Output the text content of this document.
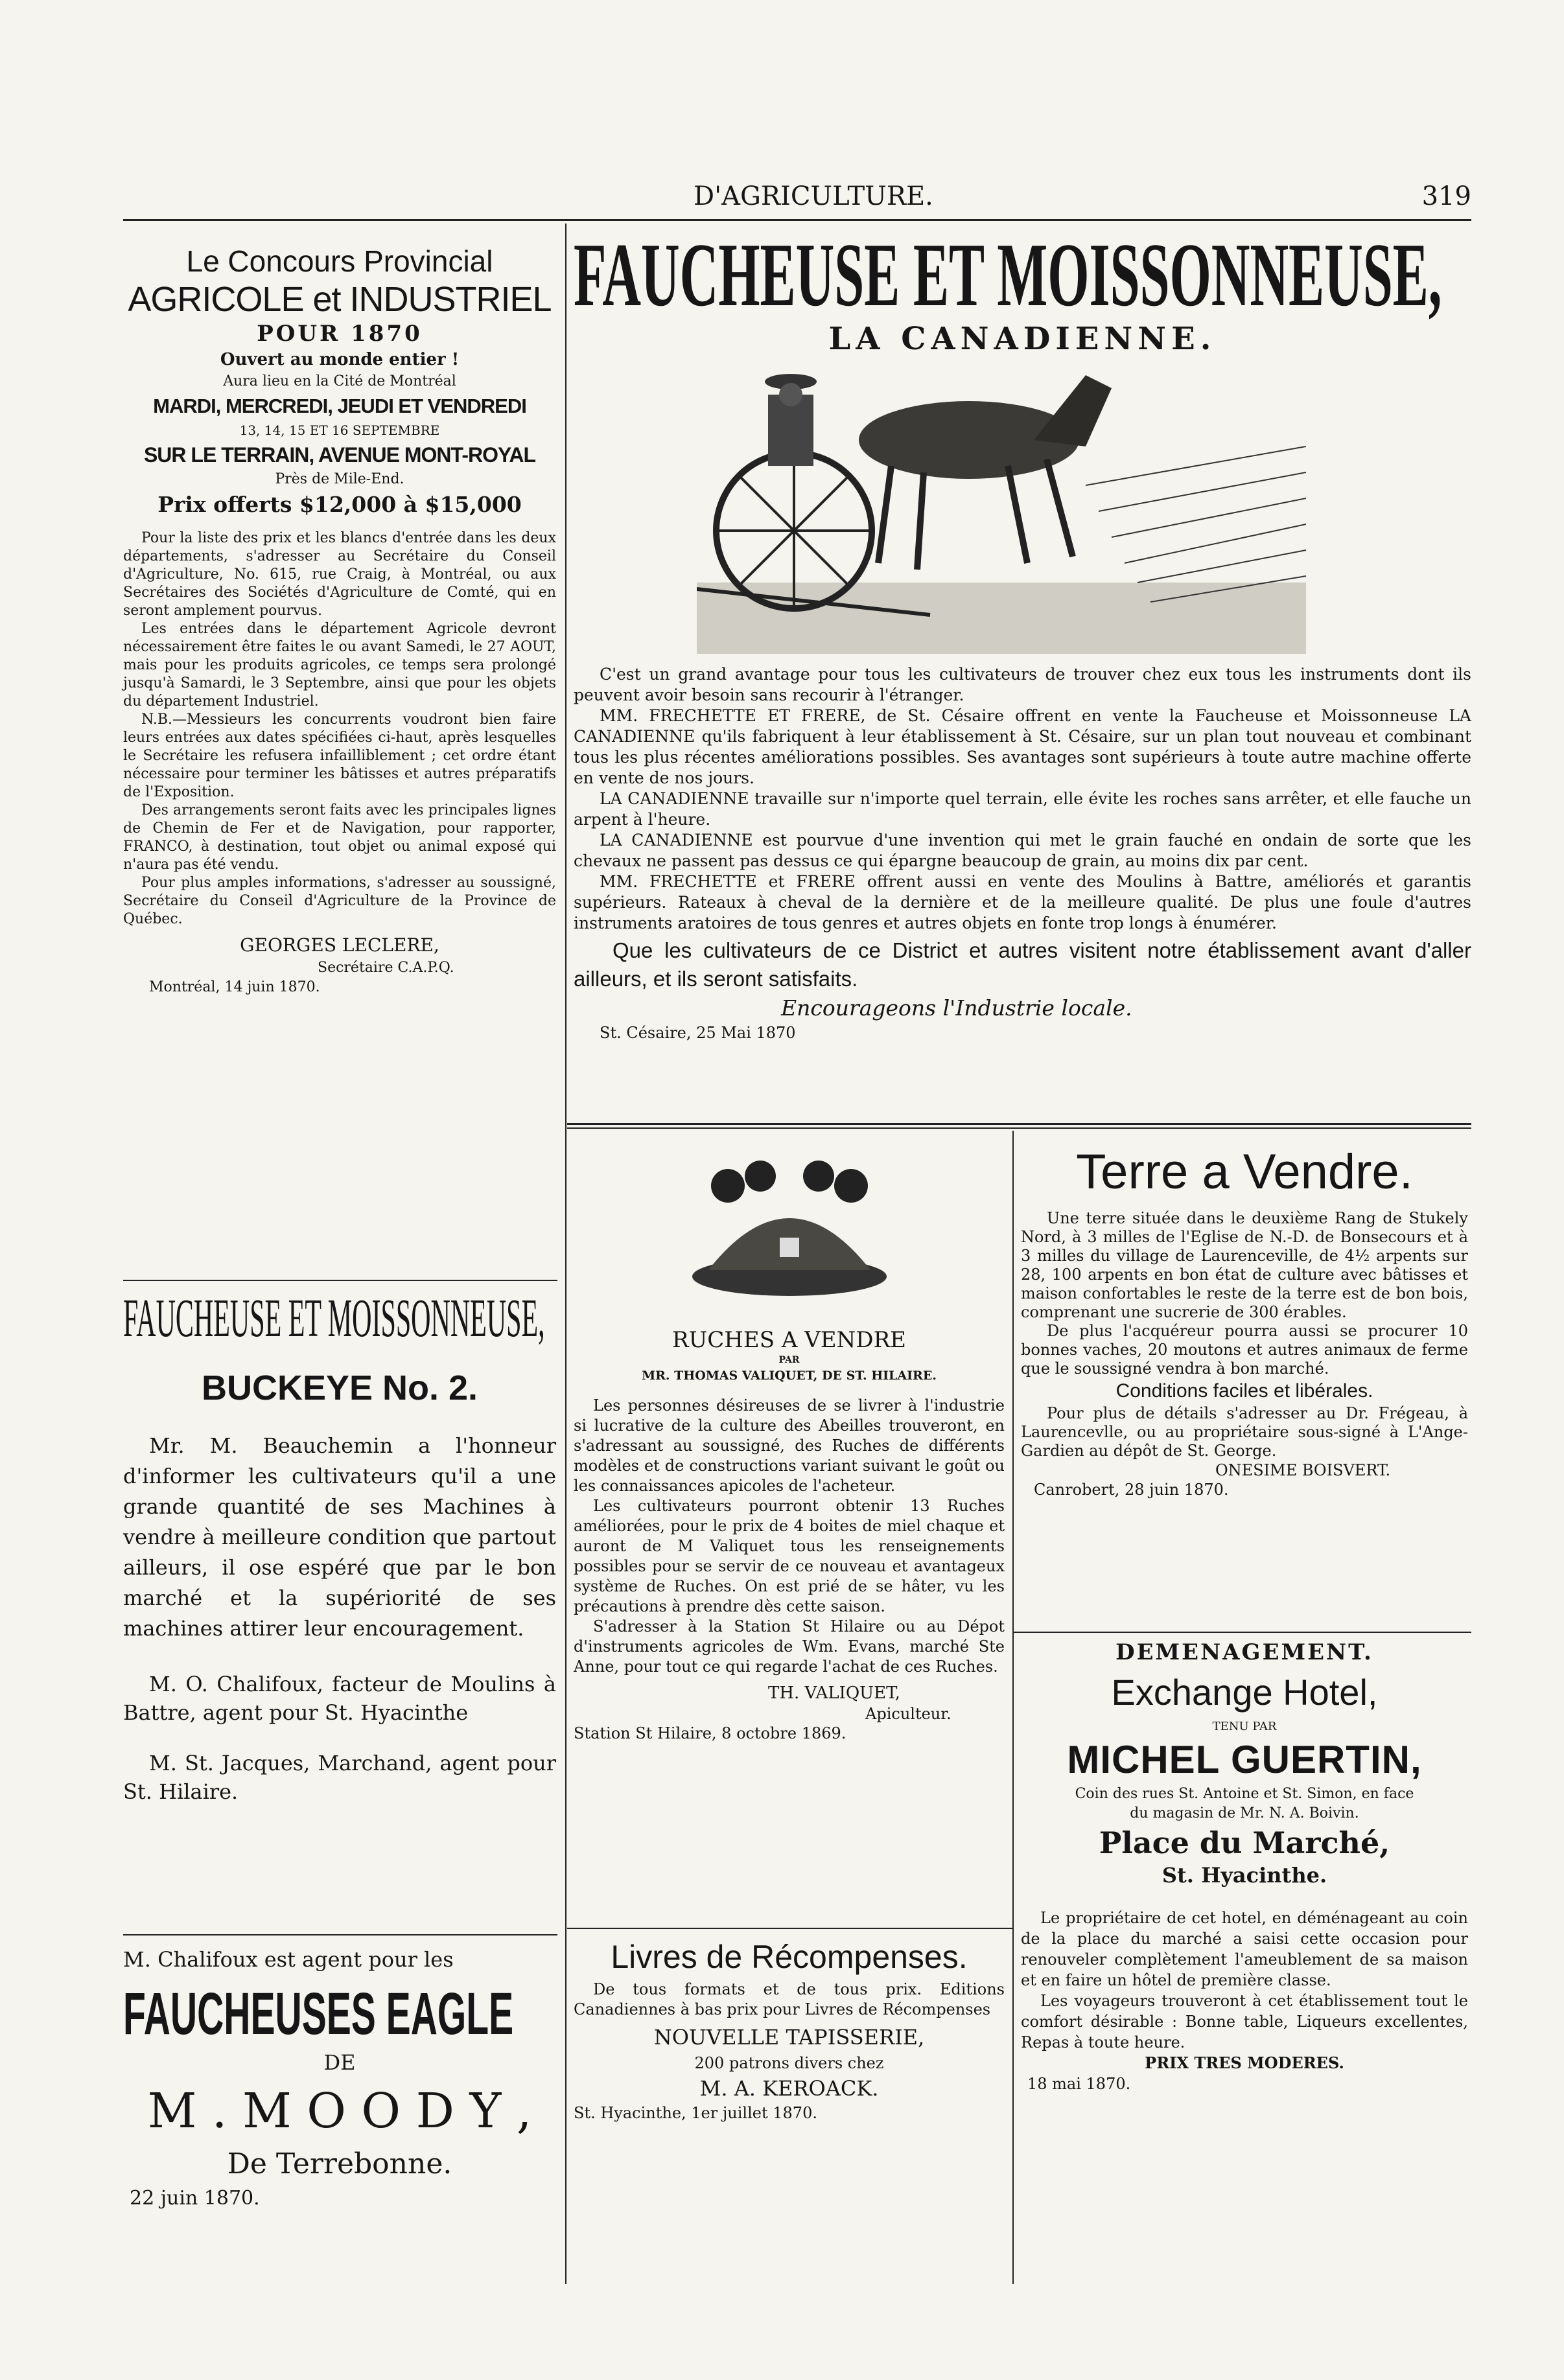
D'AGRICULTURE.	319
Le Concours Provincial
AGRICOLE et INDUSTRIEL
POUR 1870
Ouvert au monde entier !
Aura lieu en la Cité de Montréal
MARDI, MERCREDI, JEUDI ET VENDREDI
13, 14, 15 ET 16 SEPTEMBRE
SUR LE TERRAIN, AVENUE MONT-ROYAL
Près de Mile-End.
Prix offerts $12,000 à $15,000

Pour la liste des prix et les blancs d'entrée dans les deux départements, s'adresser au Secrétaire du Conseil d'Agriculture, No. 615, rue Craig, à Montréal, ou aux Secrétaires des Sociétés d'Agriculture de Comté, qui en seront amplement pourvus.

Les entrées dans le département Agricole devront nécessairement être faites le ou avant Samedi, le 27 AOUT, mais pour les produits agricoles, ce temps sera prolongé jusqu'à Samardi, le 3 Septembre, ainsi que pour les objets du département Industriel.

N.B.—Messieurs les concurrents voudront bien faire leurs entrées aux dates spécifiées ci-haut, après lesquelles le Secrétaire les refusera infailliblement ; cet ordre étant nécessaire pour terminer les bâtisses et autres préparatifs de l'Exposition.

Des arrangements seront faits avec les principales lignes de Chemin de Fer et de Navigation, pour rapporter, FRANCO, à destination, tout objet ou animal exposé qui n'aura pas été vendu.

Pour plus amples informations, s'adresser au soussigné, Secrétaire du Conseil d'Agriculture de la Province de Québec.

GEORGES LECLERE,
Secrétaire C.A.P.Q.
Montréal, 14 juin 1870.
FAUCHEUSE ET MOISSONNEUSE,
BUCKEYE No. 2.

Mr. M. Beauchemin a l'honneur d'informer les cultivateurs qu'il a une grande quantité de ses Machines à vendre à meilleure condition que partout ailleurs, il ose espéré que par le bon marché et la supériorité de ses machines attirer leur encouragement.

M. O. Chalifoux, facteur de Moulins à Battre, agent pour St. Hyacinthe

M. St. Jacques, Marchand, agent pour St. Hilaire.

M. Chalifoux est agent pour les
FAUCHEUSES EAGLE
DE
M . M O O D Y ,
De Terrebonne.
22 juin 1870.
FAUCHEUSE ET MOISSONNEUSE,
LA CANADIENNE.

C'est un grand avantage pour tous les cultivateurs de trouver chez eux tous les instruments dont ils peuvent avoir besoin sans recourir à l'étranger.

MM. FRECHETTE ET FRERE, de St. Césaire offrent en vente la Faucheuse et Moissonneuse LA CANADIENNE qu'ils fabriquent à leur établissement à St. Césaire, sur un plan tout nouveau et combinant tous les plus récentes améliorations possibles. Ses avantages sont supérieurs à toute autre machine offerte en vente de nos jours.

LA CANADIENNE travaille sur n'importe quel terrain, elle évite les roches sans arrêter, et elle fauche un arpent à l'heure.

LA CANADIENNE est pourvue d'une invention qui met le grain fauché en ondain de sorte que les chevaux ne passent pas dessus ce qui épargne beaucoup de grain, au moins dix par cent.

MM. FRECHETTE et FRERE offrent aussi en vente des Moulins à Battre, améliorés et garantis supérieurs. Rateaux à cheval de la dernière et de la meilleure qualité. De plus une foule d'autres instruments aratoires de tous genres et autres objets en fonte trop longs à énumérer.

Que les cultivateurs de ce District et autres visitent notre établissement avant d'aller ailleurs, et ils seront satisfaits.

Encourageons l'Industrie locale.
St. Césaire, 25 Mai 1870
RUCHES A VENDRE
PAR
MR. THOMAS VALIQUET, DE ST. HILAIRE.

Les personnes désireuses de se livrer à l'industrie si lucrative de la culture des Abeilles trouveront, en s'adressant au soussigné, des Ruches de différents modèles et de constructions variant suivant le goût ou les connaissances apicoles de l'acheteur.

Les cultivateurs pourront obtenir 13 Ruches améliorées, pour le prix de 4 boites de miel chaque et auront de M Valiquet tous les renseignements possibles pour se servir de ce nouveau et avantageux système de Ruches. On est prié de se hâter, vu les précautions à prendre dès cette saison.

S'adresser à la Station St Hilaire ou au Dépot d'instruments agricoles de Wm. Evans, marché Ste Anne, pour tout ce qui regarde l'achat de ces Ruches.

TH. VALIQUET,
Apiculteur.
Station St Hilaire, 8 octobre 1869.
Livres de Récompenses.

De tous formats et de tous prix. Editions Canadiennes à bas prix pour Livres de Récompenses

NOUVELLE TAPISSERIE,
200 patrons divers chez
M. A. KEROACK.
St. Hyacinthe, 1er juillet 1870.
Terre a Vendre.

Une terre située dans le deuxième Rang de Stukely Nord, à 3 milles de l'Eglise de N.-D. de Bonsecours et à 3 milles du village de Laurenceville, de 4½ arpents sur 28, 100 arpents en bon état de culture avec bâtisses et maison confortables le reste de la terre est de bon bois, comprenant une sucrerie de 300 érables.

De plus l'acquéreur pourra aussi se procurer 10 bonnes vaches, 20 moutons et autres animaux de ferme que le soussigné vendra à bon marché.

Conditions faciles et libérales.

Pour plus de détails s'adresser au Dr. Frégeau, à Laurencevlle, ou au propriétaire sous-signé à L'Ange-Gardien au dépôt de St. George.

ONESIME BOISVERT.
Canrobert, 28 juin 1870.
DEMENAGEMENT.
Exchange Hotel,
TENU PAR
MICHEL GUERTIN,
Coin des rues St. Antoine et St. Simon, en face
du magasin de Mr. N. A. Boivin.
Place du Marché,
St. Hyacinthe.

Le propriétaire de cet hotel, en déménageant au coin de la place du marché a saisi cette occasion pour renouveler complètement l'ameublement de sa maison et en faire un hôtel de première classe.

Les voyageurs trouveront à cet établissement tout le comfort désirable : Bonne table, Liqueurs excellentes, Repas à toute heure.

PRIX TRES MODERES.
18 mai 1870.
